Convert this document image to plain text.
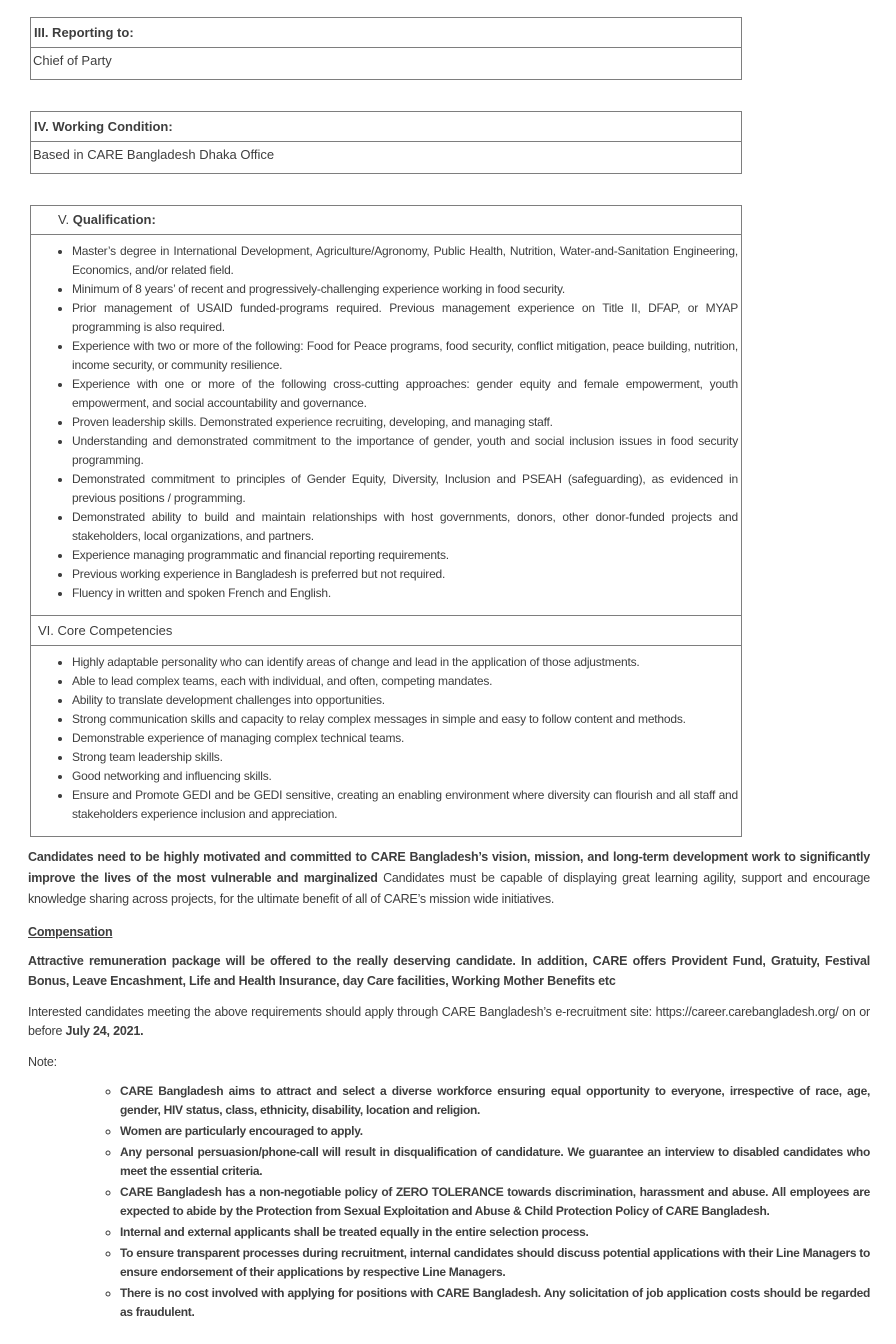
III. Reporting to:
Chief of Party
IV. Working Condition:
Based in CARE Bangladesh Dhaka Office
V. Qualification:

• Master’s degree in International Development, Agriculture/Agronomy, Public Health, Nutrition, Water-and-Sanitation Engineering, Economics, and/or related field.
• Minimum of 8 years’ of recent and progressively-challenging experience working in food security.
• Prior management of USAID funded-programs required. Previous management experience on Title II, DFAP, or MYAP programming is also required.
• Experience with two or more of the following: Food for Peace programs, food security, conflict mitigation, peace building, nutrition, income security, or community resilience.
• Experience with one or more of the following cross-cutting approaches: gender equity and female empowerment, youth empowerment, and social accountability and governance.
• Proven leadership skills. Demonstrated experience recruiting, developing, and managing staff.
• Understanding and demonstrated commitment to the importance of gender, youth and social inclusion issues in food security programming.
• Demonstrated commitment to principles of Gender Equity, Diversity, Inclusion and PSEAH (safeguarding), as evidenced in previous positions / programming.
• Demonstrated ability to build and maintain relationships with host governments, donors, other donor-funded projects and stakeholders, local organizations, and partners.
• Experience managing programmatic and financial reporting requirements.
• Previous working experience in Bangladesh is preferred but not required.
• Fluency in written and spoken French and English.

VI. Core Competencies

• Highly adaptable personality who can identify areas of change and lead in the application of those adjustments.
• Able to lead complex teams, each with individual, and often, competing mandates.
• Ability to translate development challenges into opportunities.
• Strong communication skills and capacity to relay complex messages in simple and easy to follow content and methods.
• Demonstrable experience of managing complex technical teams.
• Strong team leadership skills.
• Good networking and influencing skills.
• Ensure and Promote GEDI and be GEDI sensitive, creating an enabling environment where diversity can flourish and all staff and stakeholders experience inclusion and appreciation.

Candidates need to be highly motivated and committed to CARE Bangladesh’s vision, mission, and long-term development work to significantly improve the lives of the most vulnerable and marginalized Candidates must be capable of displaying great learning agility, support and encourage knowledge sharing across projects, for the ultimate benefit of all of CARE’s mission wide initiatives.

Compensation

Attractive remuneration package will be offered to the really deserving candidate. In addition, CARE offers Provident Fund, Gratuity, Festival Bonus, Leave Encashment, Life and Health Insurance, day Care facilities, Working Mother Benefits etc

Interested candidates meeting the above requirements should apply through CARE Bangladesh’s e-recruitment site: https://career.carebangladesh.org/ on or before July 24, 2021.

Note:

◦ CARE Bangladesh aims to attract and select a diverse workforce ensuring equal opportunity to everyone, irrespective of race, age, gender, HIV status, class, ethnicity, disability, location and religion.
◦ Women are particularly encouraged to apply.
◦ Any personal persuasion/phone-call will result in disqualification of candidature. We guarantee an interview to disabled candidates who meet the essential criteria.
◦ CARE Bangladesh has a non-negotiable policy of ZERO TOLERANCE towards discrimination, harassment and abuse. All employees are expected to abide by the Protection from Sexual Exploitation and Abuse & Child Protection Policy of CARE Bangladesh.
◦ Internal and external applicants shall be treated equally in the entire selection process.
◦ To ensure transparent processes during recruitment, internal candidates should discuss potential applications with their Line Managers to ensure endorsement of their applications by respective Line Managers.
◦ There is no cost involved with applying for positions with CARE Bangladesh. Any solicitation of job application costs should be regarded as fraudulent.
